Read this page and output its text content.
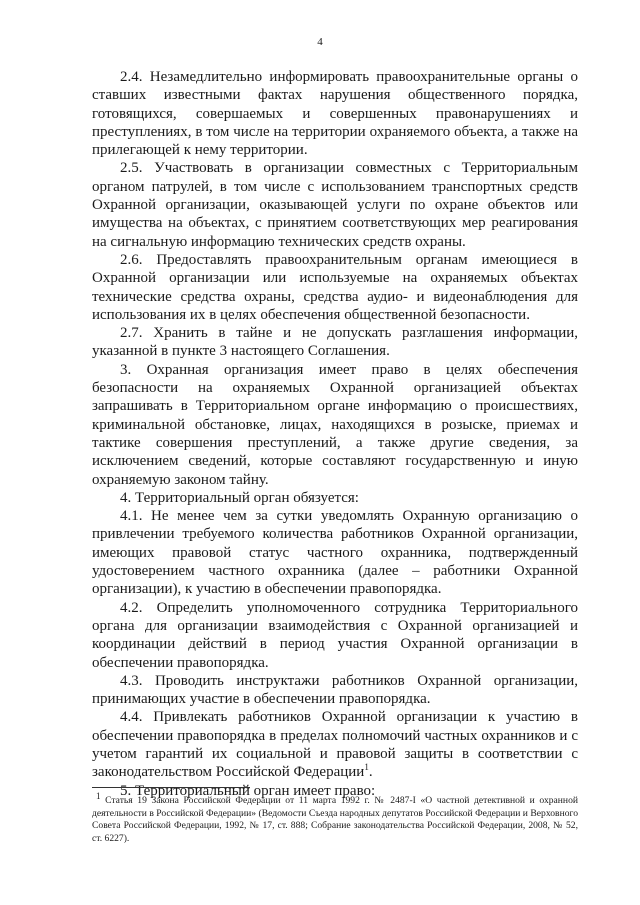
4

2.4. Незамедлительно информировать правоохранительные органы о ставших известными фактах нарушения общественного порядка, готовящихся, совершаемых и совершенных правонарушениях и преступлениях, в том числе на территории охраняемого объекта, а также на прилегающей к нему территории.

2.5. Участвовать в организации совместных с Территориальным органом патрулей, в том числе с использованием транспортных средств Охранной организации, оказывающей услуги по охране объектов или имущества на объектах, с принятием соответствующих мер реагирования на сигнальную информацию технических средств охраны.

2.6. Предоставлять правоохранительным органам имеющиеся в Охранной организации или используемые на охраняемых объектах технические средства охраны, средства аудио- и видеонаблюдения для использования их в целях обеспечения общественной безопасности.

2.7. Хранить в тайне и не допускать разглашения информации, указанной в пункте 3 настоящего Соглашения.

3. Охранная организация имеет право в целях обеспечения безопасности на охраняемых Охранной организацией объектах запрашивать в Территориальном органе информацию о происшествиях, криминальной обстановке, лицах, находящихся в розыске, приемах и тактике совершения преступлений, а также другие сведения, за исключением сведений, которые составляют государственную и иную охраняемую законом тайну.

4. Территориальный орган обязуется:

4.1. Не менее чем за сутки уведомлять Охранную организацию о привлечении требуемого количества работников Охранной организации, имеющих правовой статус частного охранника, подтвержденный удостоверением частного охранника (далее – работники Охранной организации), к участию в обеспечении правопорядка.

4.2. Определить уполномоченного сотрудника Территориального органа для организации взаимодействия с Охранной организацией и координации действий в период участия Охранной организации в обеспечении правопорядка.

4.3. Проводить инструктажи работников Охранной организации, принимающих участие в обеспечении правопорядка.

4.4. Привлекать работников Охранной организации к участию в обеспечении правопорядка в пределах полномочий частных охранников и с учетом гарантий их социальной и правовой защиты в соответствии с законодательством Российской Федерации$^1$.

5. Территориальный орган имеет право:

$^1$ Статья 19 Закона Российской Федерации от 11 марта 1992 г. № 2487-I «О частной детективной и охранной деятельности в Российской Федерации» (Ведомости Съезда народных депутатов Российской Федерации и Верховного Совета Российской Федерации, 1992, № 17, ст. 888; Собрание законодательства Российской Федерации, 2008, № 52, ст. 6227).
